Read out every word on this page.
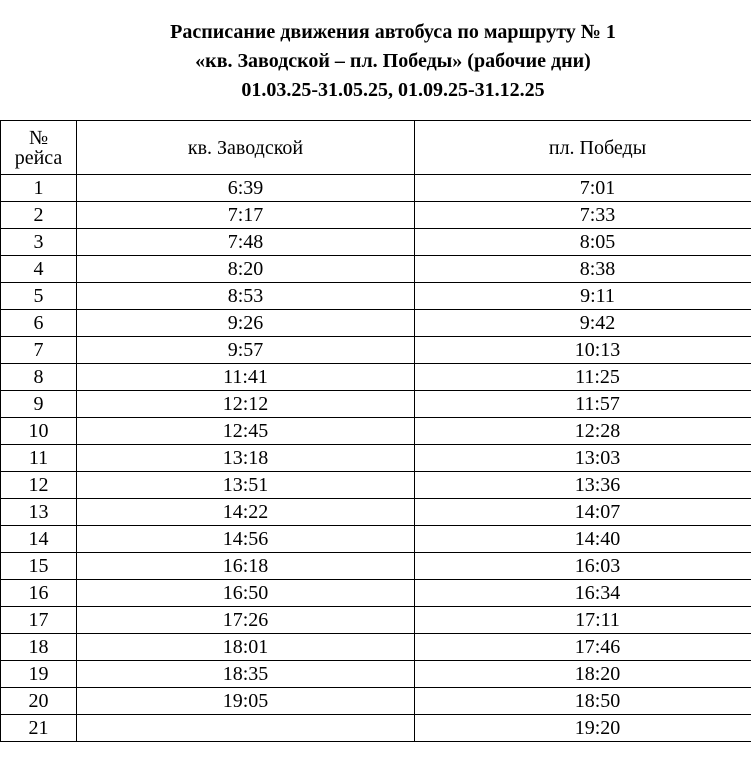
Расписание движения автобуса по маршруту № 1
«кв. Заводской – пл. Победы» (рабочие дни)
01.03.25-31.05.25, 01.09.25-31.12.25
№
рейса	кв. Заводской	пл. Победы
1	6:39	7:01
2	7:17	7:33
3	7:48	8:05
4	8:20	8:38
5	8:53	9:11
6	9:26	9:42
7	9:57	10:13
8	11:41	11:25
9	12:12	11:57
10	12:45	12:28
11	13:18	13:03
12	13:51	13:36
13	14:22	14:07
14	14:56	14:40
15	16:18	16:03
16	16:50	16:34
17	17:26	17:11
18	18:01	17:46
19	18:35	18:20
20	19:05	18:50
21		19:20
